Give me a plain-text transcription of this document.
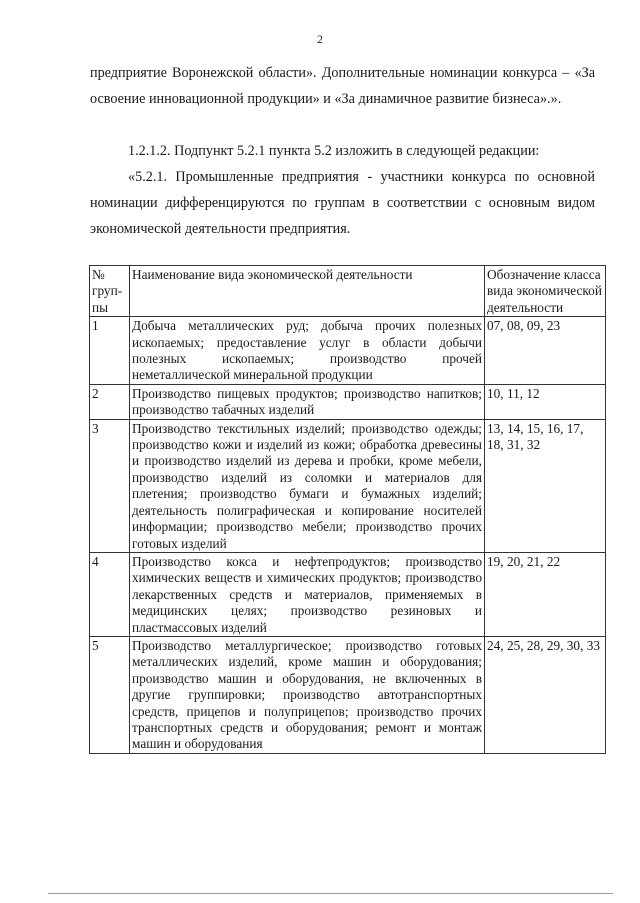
2

предприятие Воронежской области». Дополнительные номинации конкурса – «За освоение инновационной продукции» и «За динамичное развитие бизнеса».».

1.2.1.2. Подпункт 5.2.1 пункта 5.2 изложить в следующей редакции:

«5.2.1. Промышленные предприятия - участники конкурса по основной номинации дифференцируются по группам в соответствии с основным видом экономической деятельности предприятия.

№ груп-пы	Наименование вида экономической деятельности	Обозначение класса вида экономической деятельности
1	Добыча металлических руд; добыча прочих полезных ископаемых; предоставление услуг в области добычи полезных ископаемых; производство прочей неметаллической минеральной продукции	07, 08, 09, 23
2	Производство пищевых продуктов; производство напитков; производство табачных изделий	10, 11, 12
3	Производство текстильных изделий; производство одежды; производство кожи и изделий из кожи; обработка древесины и производство изделий из дерева и пробки, кроме мебели, производство изделий из соломки и материалов для плетения; производство бумаги и бумажных изделий; деятельность полиграфическая и копирование носителей информации; производство мебели; производство прочих готовых изделий	13, 14, 15, 16, 17, 18, 31, 32
4	Производство кокса и нефтепродуктов; производство химических веществ и химических продуктов; производство лекарственных средств и материалов, применяемых в медицинских целях; производство резиновых и пластмассовых изделий	19, 20, 21, 22
5	Производство металлургическое; производство готовых металлических изделий, кроме машин и оборудования; производство машин и оборудования, не включенных в другие группировки; производство автотранспортных средств, прицепов и полуприцепов; производство прочих транспортных средств и оборудования; ремонт и монтаж машин и оборудования	24, 25, 28, 29, 30, 33
